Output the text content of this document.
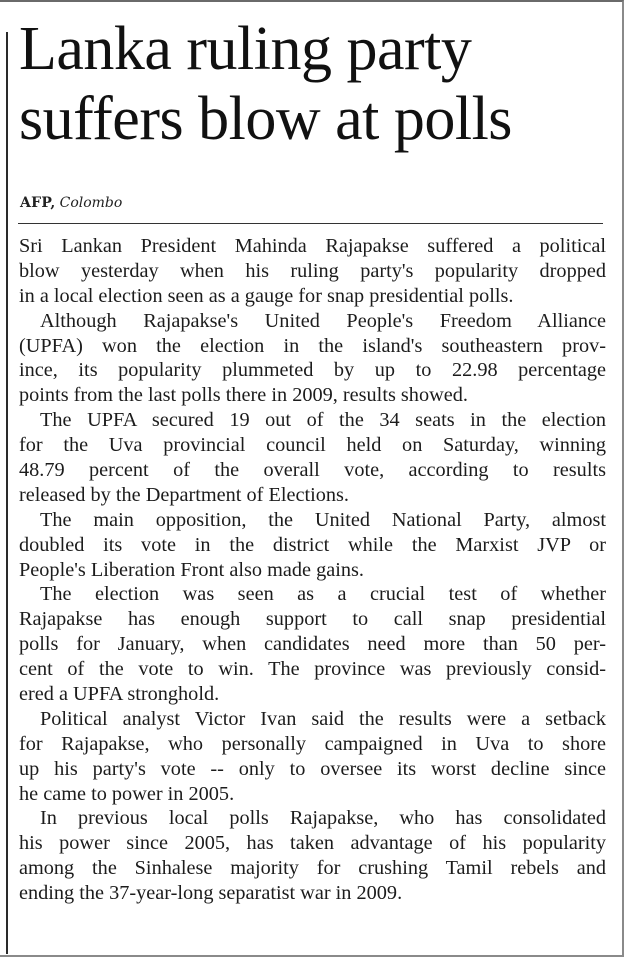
Lanka ruling party
suffers blow at polls
AFP, Colombo
Sri Lankan President Mahinda Rajapakse suffered a political
blow yesterday when his ruling party's popularity dropped
in a local election seen as a gauge for snap presidential polls.
Although Rajapakse's United People's Freedom Alliance
(UPFA) won the election in the island's southeastern prov-
ince, its popularity plummeted by up to 22.98 percentage
points from the last polls there in 2009, results showed.
The UPFA secured 19 out of the 34 seats in the election
for the Uva provincial council held on Saturday, winning
48.79 percent of the overall vote, according to results
released by the Department of Elections.
The main opposition, the United National Party, almost
doubled its vote in the district while the Marxist JVP or
People's Liberation Front also made gains.
The election was seen as a crucial test of whether
Rajapakse has enough support to call snap presidential
polls for January, when candidates need more than 50 per-
cent of the vote to win. The province was previously consid-
ered a UPFA stronghold.
Political analyst Victor Ivan said the results were a setback
for Rajapakse, who personally campaigned in Uva to shore
up his party's vote -- only to oversee its worst decline since
he came to power in 2005.
In previous local polls Rajapakse, who has consolidated
his power since 2005, has taken advantage of his popularity
among the Sinhalese majority for crushing Tamil rebels and
ending the 37-year-long separatist war in 2009.
